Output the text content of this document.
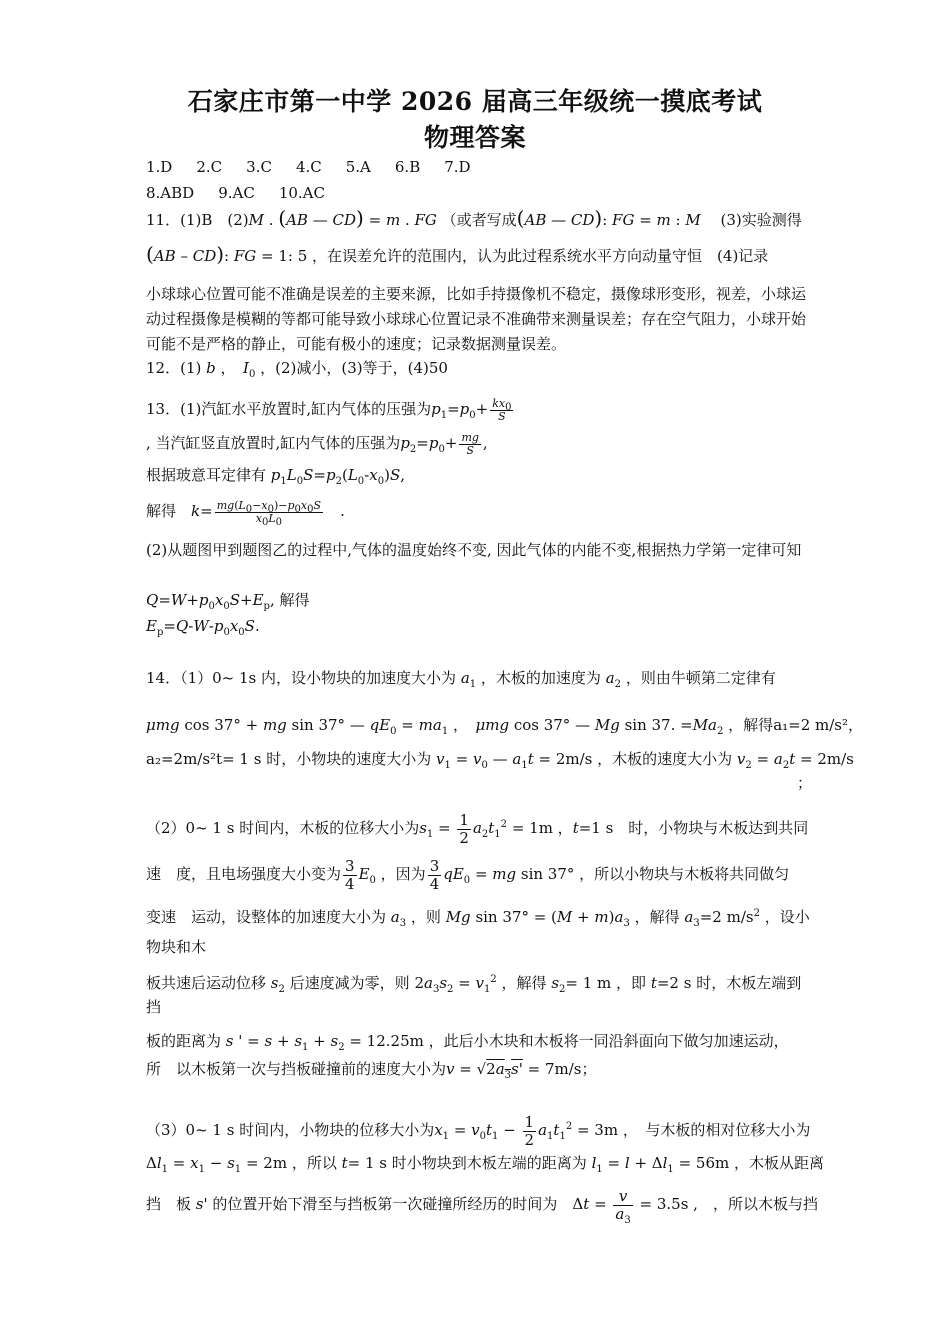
石家庄市第一中学 2026 届高三年级统一摸底考试
物理答案
1.D 2.C 3.C 4.C 5.A 6.B 7.D
8.ABD 9.AC 10.AC
11．(1)B　(2)M . (AB — CD) = m . FG （或者写成(AB — CD): FG = m : M　 (3)实验测得
(AB – CD): FG = 1: 5 ，在误差允许的范围内，认为此过程系统水平方向动量守恒　(4)记录
小球球心位置可能不准确是误差的主要来源，比如手持摄像机不稳定，摄像球形变形，视差，小球运动过程摄像是模糊的等都可能导致小球球心位置记录不准确带来测量误差；存在空气阻力，小球开始可能不是严格的静止，可能有极小的速度；记录数据测量误差。
12．(1) b ，　$I_0$ ，(2)减小，(3)等于，(4)50
13．(1)汽缸水平放置时,缸内气体的压强为$p_1=p_0+ \frac{kx_0}{S}$
, 当汽缸竖直放置时,缸内气体的压强为$p_2=p_0+ \frac{mg}{S}$ ,
根据玻意耳定律有 $p_1L_0S=p_2(L_0-x_0)S$,
解得　 $k= \frac{mg(L_0-x_0)-p_0x_0S}{x_0L_0}$ 　.
(2)从题图甲到题图乙的过程中,气体的温度始终不变, 因此气体的内能不变,根据热力学第一定律可知
$Q=W+p_0x_0S+E_p$, 解得
$E_p=Q-W-p_0x_0S$.
14．（1）0~ 1s 内，设小物块的加速度大小为 $a_1$ ，木板的加速度为 $a_2$ ，则由牛顿第二定律有
μmg cos 37° + mg sin 37° — $qE_0 = ma_1$ ，　μmg cos 37° — Mg sin 37. $=Ma_2$ ，解得a₁=2 m/s²，
a₂=2m/s²t= 1 s 时，小物块的速度大小为 $v_1 = v_0$ — $a_1t = 2m/s$ ，木板的速度大小为 $v_2 = a_2t = 2m/s$
；
（2）0~ 1 s 时间内，木板的位移大小为$s_1 = \frac{1}{2} a_2t_1^2 = 1m$ ，t=1 s　时，小物块与木板达到共同
速　度，且电场强度大小变为 $\frac{3}{4} E_0$ ，因为 $\frac{3}{4} qE_0$ = mg sin 37° ，所以小物块与木板将共同做匀
变速　运动，设整体的加速度大小为 $a_3$ ，则 Mg $\sin 37^\circ = (M + m)a_3$ ，解得 $a_3=2$ $m/s^2$ ，设小
物块和木
板共速后运动位移 $s_2$ 后速度减为零，则 $2a_3s_2 = v_1^2$ ，解得 $s_2= 1$ m ，即 t=2 s 时，木板左端到
挡
板的距离为 s ' = $s + s_1 + s_2 = 12.25m$ ，此后小木块和木板将一同沿斜面向下做匀加速运动，
所　以木板第一次与挡板碰撞前的速度大小为$v = √2a_3s' = 7m/s$；
（3）0~ 1 s 时间内，小物块的位移大小为$x_1 = v_0t_1 - \frac{1}{2} a_1t_1^2 = 3m$ ，　与木板的相对位移大小为
$\Delta l_1 = x_1 - s_1 = 2m$ ，所以 t= 1 s 时小物块到木板左端的距离为 $l_1 = l + \Delta l_1 = 56m$ ，木板从距离
挡　板 s' 的位置开始下滑至与挡板第一次碰撞所经历的时间为　$\Delta t = \frac{v}{a_3} = 3.5s$ ,　，所以木板与挡
